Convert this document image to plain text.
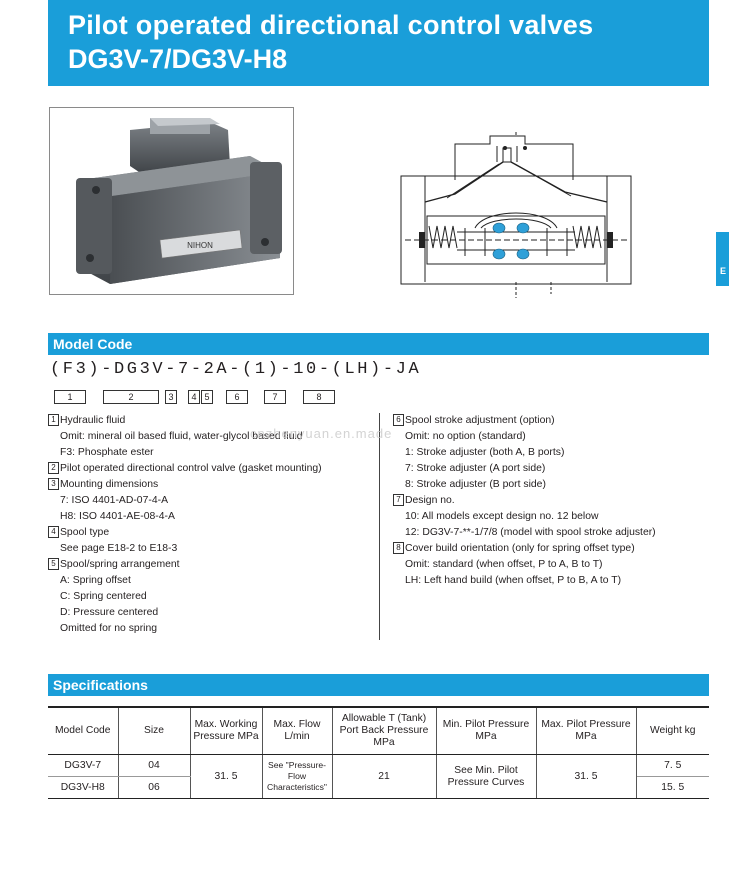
Pilot operated directional control valves
DG3V-7/DG3V-H8
E
NIHON
Model Code
(F3)-DG3V-7-2A-(1)-10-(LH)-JA
1	2	3	4 5	6	7	8
1 Hydraulic fluid
Omit: mineral oil based fluid, water-glycol based fluid
F3: Phosphate ester
2 Pilot operated directional control valve (gasket mounting)
3 Mounting dimensions
7: ISO 4401-AD-07-4-A
H8: ISO 4401-AE-08-4-A
4 Spool type
See page E18-2 to E18-3
5 Spool/spring arrangement
A: Spring offset
C: Spring centered
D: Pressure centered
Omitted for no spring
6 Spool stroke adjustment (option)
Omit: no option (standard)
1: Stroke adjuster (both A, B ports)
7: Stroke adjuster (A port side)
8: Stroke adjuster (B port side)
7 Design no.
10: All models except design no. 12 below
12: DG3V-7-**-1/7/8 (model with spool stroke adjuster)
8 Cover build orientation (only for spring offset type)
Omit: standard (when offset, P to A, B to T)
LH: Left hand build (when offset, P to B, A to T)
cnzhenyuan.en.made
Specifications
Model Code	Size	Max. Working Pressure MPa	Max. Flow L/min	Allowable T (Tank) Port Back Pressure MPa	Min. Pilot Pressure MPa	Max. Pilot Pressure MPa	Weight kg
DG3V-7	04	31. 5	See "Pressure-Flow Characteristics"	21	See Min. Pilot Pressure Curves	31. 5	7. 5
DG3V-H8	06						15. 5
